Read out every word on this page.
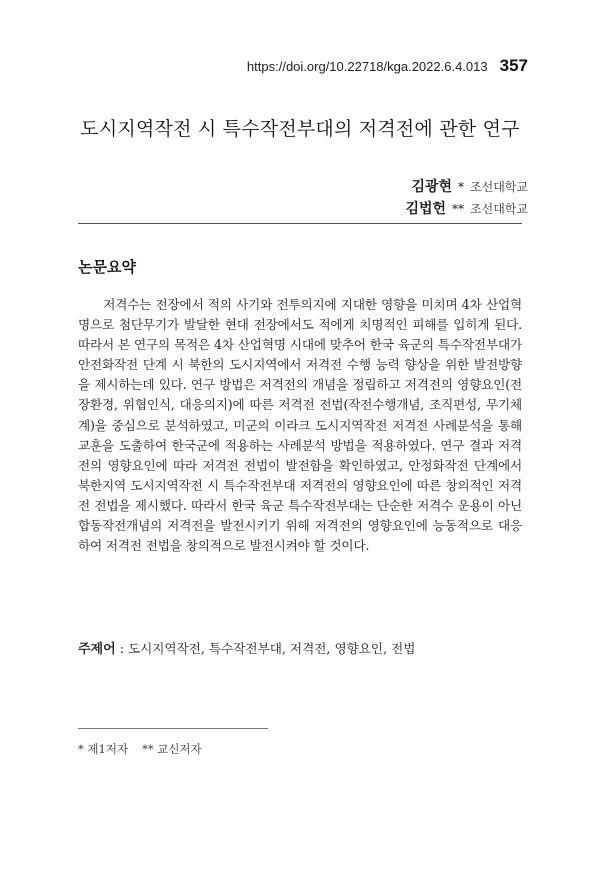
https://doi.org/10.22718/kga.2022.6.4.013 357
도시지역작전 시 특수작전부대의 저격전에 관한 연구
김광현 * 조선대학교
김법헌 ** 조선대학교
논문요약

저격수는 전장에서 적의 사기와 전투의지에 지대한 영향을 미치며 4차 산업혁명으로 첨단무기가 발달한 현대 전장에서도 적에게 치명적인 피해를 입히게 된다. 따라서 본 연구의 목적은 4차 산업혁명 시대에 맞추어 한국 육군의 특수작전부대가 안전화작전 단계 시 북한의 도시지역에서 저격전 수행 능력 향상을 위한 발전방향을 제시하는데 있다. 연구 방법은 저격전의 개념을 정립하고 저격전의 영향요인(전장환경, 위협인식, 대응의지)에 따른 저격전 전법(작전수행개념, 조직편성, 무기체계)을 중심으로 분석하였고, 미군의 이라크 도시지역작전 저격전 사례분석을 통해 교훈을 도출하여 한국군에 적용하는 사례분석 방법을 적용하였다. 연구 결과 저격전의 영향요인에 따라 저격전 전법이 발전함을 확인하였고, 안정화작전 단계에서 북한지역 도시지역작전 시 특수작전부대 저격전의 영향요인에 따른 창의적인 저격전 전법을 제시했다. 따라서 한국 육군 특수작전부대는 단순한 저격수 운용이 아닌 합동작전개념의 저격전을 발전시키기 위해 저격전의 영향요인에 능동적으로 대응하여 저격전 전법을 창의적으로 발전시켜야 할 것이다.

주제어 : 도시지역작전, 특수작전부대, 저격전, 영향요인, 전법
* 제1저자 ** 교신저자
